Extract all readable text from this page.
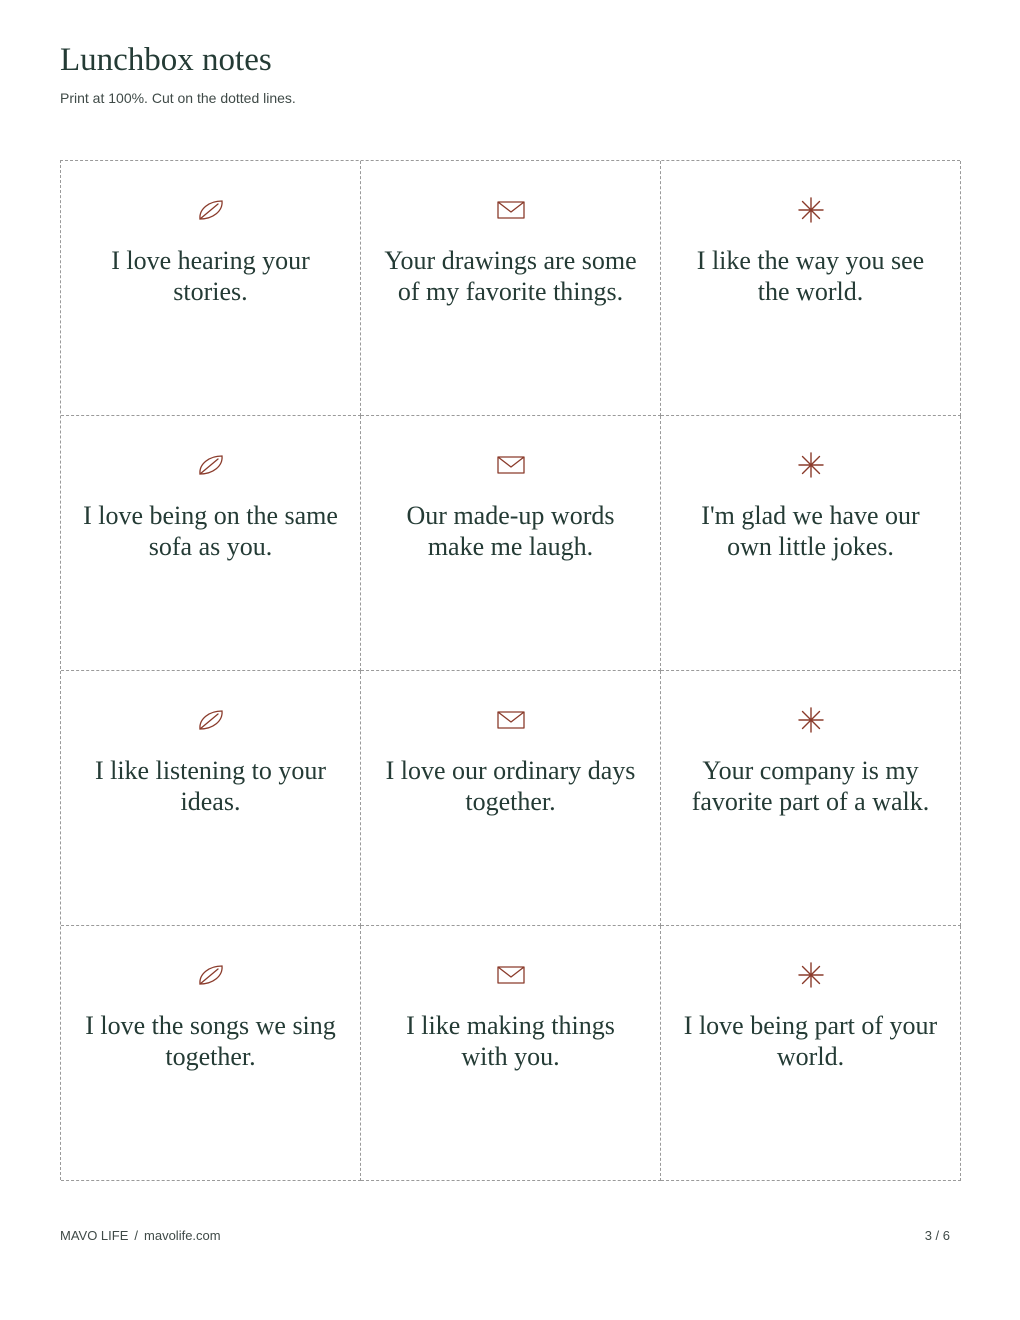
Lunchbox notes

Print at 100%. Cut on the dotted lines.

I love hearing your stories.

Your drawings are some of my favorite things.

I like the way you see the world.

I love being on the same sofa as you.

Our made-up words make me laugh.

I'm glad we have our own little jokes.

I like listening to your ideas.

I love our ordinary days together.

Your company is my favorite part of a walk.

I love the songs we sing together.

I like making things with you.

I love being part of your world.

MAVO LIFE / mavolife.com	3 / 6
